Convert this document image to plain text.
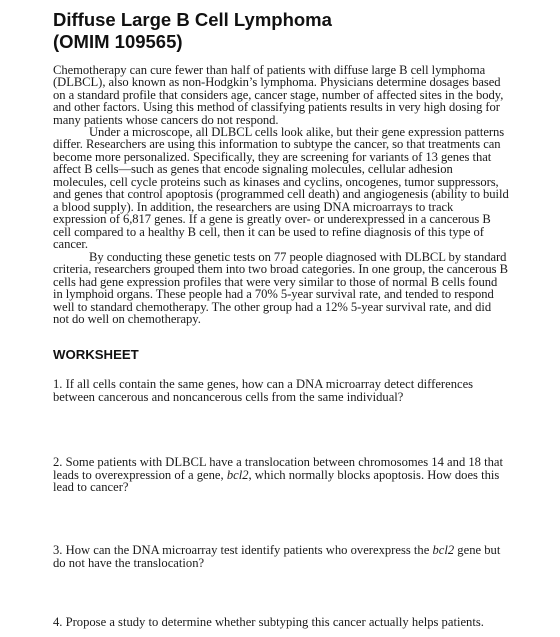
Diffuse Large B Cell Lymphoma
(OMIM 109565)

Chemotherapy can cure fewer than half of patients with diffuse large B cell lymphoma (DLBCL), also known as non-Hodgkin’s lymphoma. Physicians determine dosages based on a standard profile that considers age, cancer stage, number of affected sites in the body, and other factors. Using this method of classifying patients results in very high dosing for many patients whose cancers do not respond.

Under a microscope, all DLBCL cells look alike, but their gene expression patterns differ. Researchers are using this information to subtype the cancer, so that treatments can become more personalized. Specifically, they are screening for variants of 13 genes that affect B cells—such as genes that encode signaling molecules, cellular adhesion molecules, cell cycle proteins such as kinases and cyclins, oncogenes, tumor suppressors, and genes that control apoptosis (programmed cell death) and angiogenesis (ability to build a blood supply). In addition, the researchers are using DNA microarrays to track expression of 6,817 genes. If a gene is greatly over- or underexpressed in a cancerous B cell compared to a healthy B cell, then it can be used to refine diagnosis of this type of cancer.

By conducting these genetic tests on 77 people diagnosed with DLBCL by standard criteria, researchers grouped them into two broad categories. In one group, the cancerous B cells had gene expression profiles that were very similar to those of normal B cells found in lymphoid organs. These people had a 70% 5-year survival rate, and tended to respond well to standard chemotherapy. The other group had a 12% 5-year survival rate, and did not do well on chemotherapy.

WORKSHEET

1. If all cells contain the same genes, how can a DNA microarray detect differences between cancerous and noncancerous cells from the same individual?

2. Some patients with DLBCL have a translocation between chromosomes 14 and 18 that leads to overexpression of a gene, bcl2, which normally blocks apoptosis. How does this lead to cancer?

3. How can the DNA microarray test identify patients who overexpress the bcl2 gene but do not have the translocation?

4. Propose a study to determine whether subtyping this cancer actually helps patients.
